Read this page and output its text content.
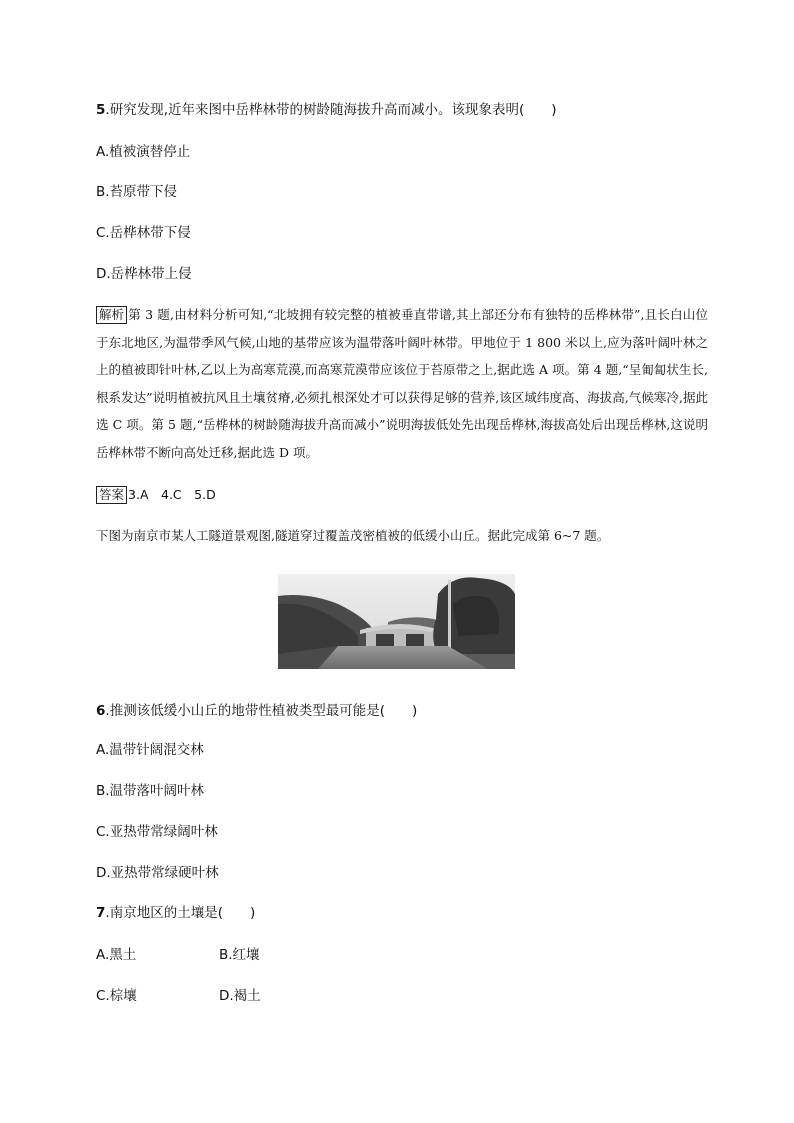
5.研究发现,近年来图中岳桦林带的树龄随海拔升高而减小。该现象表明(　　)
A.植被演替停止
B.苔原带下侵
C.岳桦林带下侵
D.岳桦林带上侵
解析 第 3 题,由材料分析可知,“北坡拥有较完整的植被垂直带谱,其上部还分布有独特的岳桦林带”,且长白山位于东北地区,为温带季风气候,山地的基带应该为温带落叶阔叶林带。甲地位于 1 800 米以上,应为落叶阔叶林之上的植被即针叶林,乙以上为高寒荒漠,而高寒荒漠带应该位于苔原带之上,据此选 A 项。第 4 题,“呈匍匐状生长,根系发达”说明植被抗风且土壤贫瘠,必须扎根深处才可以获得足够的营养,该区域纬度高、海拔高,气候寒冷,据此选 C 项。第 5 题,“岳桦林的树龄随海拔升高而减小”说明海拔低处先出现岳桦林,海拔高处后出现岳桦林,这说明岳桦林带不断向高处迁移,据此选 D 项。
答案 3.A　4.C　5.D
下图为南京市某人工隧道景观图,隧道穿过覆盖茂密植被的低缓小山丘。据此完成第 6~7 题。
6.推测该低缓小山丘的地带性植被类型最可能是(　　)
A.温带针阔混交林
B.温带落叶阔叶林
C.亚热带常绿阔叶林
D.亚热带常绿硬叶林
7.南京地区的土壤是(　　)
A.黑土	B.红壤
C.棕壤	D.褐土
